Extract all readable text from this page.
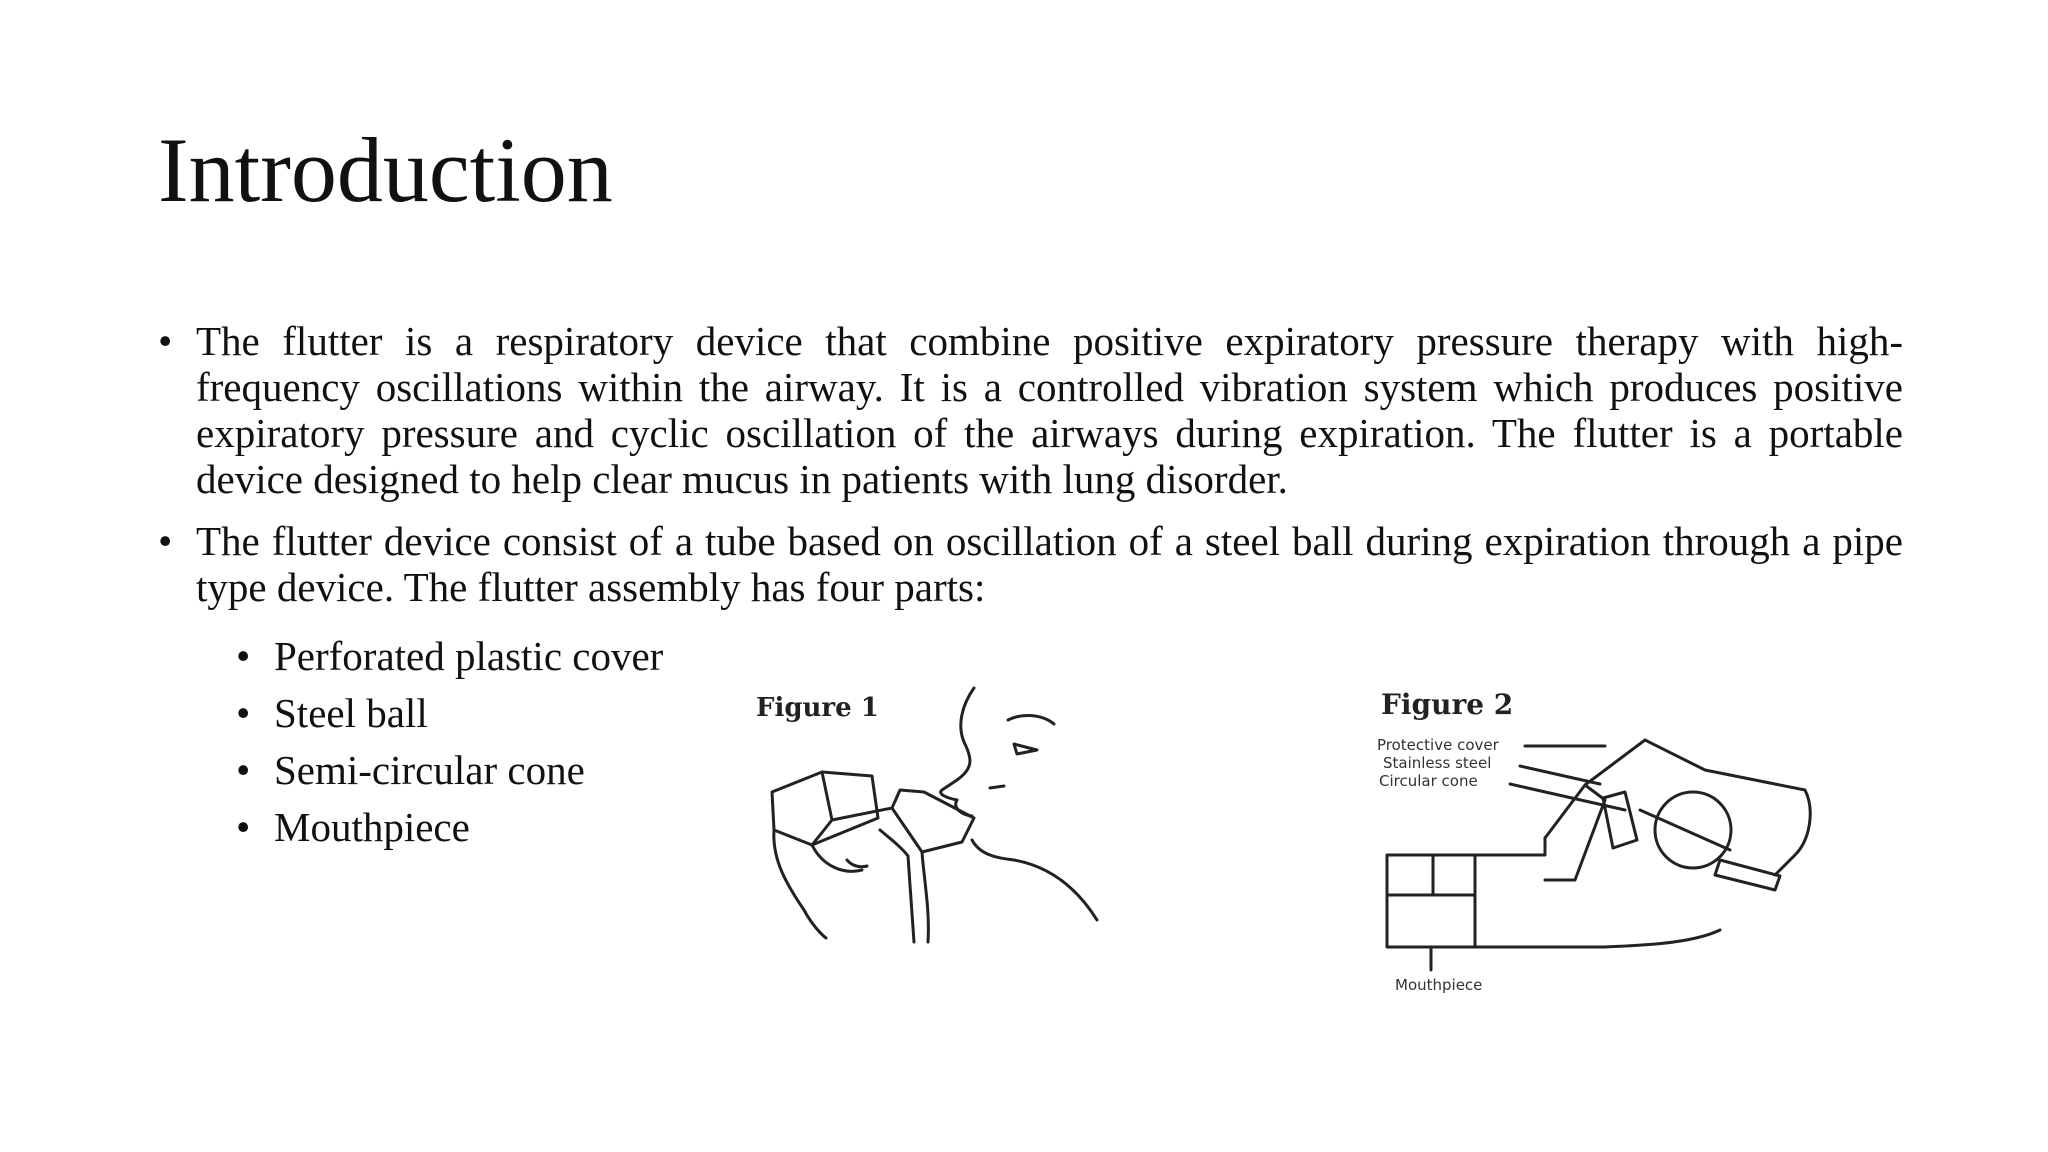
Introduction
• The flutter is a respiratory device that combine positive expiratory pressure therapy with high-frequency oscillations within the airway. It is a controlled vibration system which produces positive expiratory pressure and cyclic oscillation of the airways during expiration. The flutter is a portable device designed to help clear mucus in patients with lung disorder.
• The flutter device consist of a tube based on oscillation of a steel ball during expiration through a pipe type device. The flutter assembly has four parts:
• Perforated plastic cover
• Steel ball
• Semi-circular cone
• Mouthpiece
Figure 1	Figure 2
Protective cover
Stainless steel
Circular cone
Mouthpiece
